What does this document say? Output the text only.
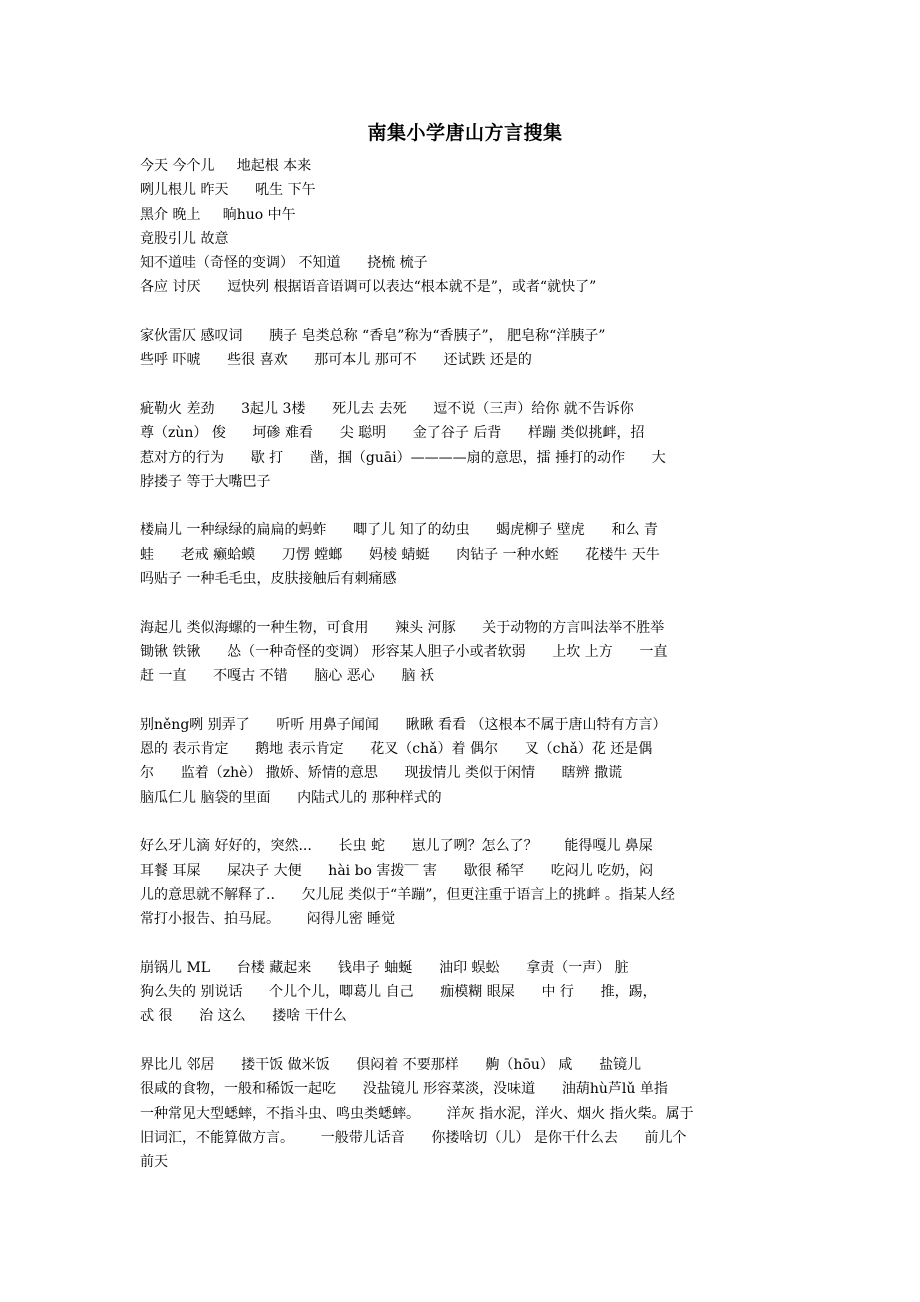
南集小学唐山方言搜集
今天 今个儿     地起根 本来
咧儿根儿 昨天      吼生 下午
黑介 晚上     晌huo 中午
竟股引儿 故意
知不道哇（奇怪的变调） 不知道      挠梳 梳子
各应 讨厌      逗快列 根据语音语调可以表达“根本就不是”，或者“就快了”
家伙雷仄 感叹词      胰子 皂类总称 “香皂”称为“香胰子”， 肥皂称“洋胰子”
些呼 吓唬      些很 喜欢      那可本儿 那可不      还试跌 还是的
疵勒火 差劲      3起儿 3楼      死儿去 去死      逗不说（三声）给你 就不告诉你
尊（zùn） 俊      坷碜 难看      尖 聪明      金了谷子 后背      样蹦 类似挑衅，招
惹对方的行为      歇 打      凿，掴（guāi）————扇的意思，擂 捶打的动作      大
脖搂子 等于大嘴巴子
楼扁儿 一种绿绿的扁扁的蚂蚱      唧了儿 知了的幼虫      蝎虎柳子 壁虎      和么 青
蛙      老戒 癞蛤蟆      刀愣 螳螂      妈棱 蜻蜓      肉钻子 一种水蛭      花楼牛 天牛
吗贴子 一种毛毛虫，皮肤接触后有刺痛感
海起儿 类似海螺的一种生物，可食用      辣头 河豚      关于动物的方言叫法举不胜举
锄锹 铁锹      怂（一种奇怪的变调） 形容某人胆子小或者软弱      上坎 上方      一直
赶 一直      不嘎古 不错      脑心 恶心      脑 袄
别něng咧 别弄了      听听 用鼻子闻闻      瞅瞅 看看 （这根本不属于唐山特有方言）
恩的 表示肯定      鹅地 表示肯定      花叉（chǎ）着 偶尔      叉（chǎ）花 还是偶
尔      监着（zhè） 撒娇、矫情的意思      现拔情儿 类似于闲情      瞎辨 撒谎
脑瓜仁儿 脑袋的里面      内陆式儿的 那种样式的
好么牙儿滴 好好的，突然...      长虫 蛇      崽儿了咧？怎么了？      能得嘎儿 鼻屎
耳餐 耳屎      屎决子 大便      hài bo 害拨‾‾ 害      歇很 稀罕      吃闷儿 吃奶，闷
儿的意思就不解释了..      欠儿屁 类似于“羊蹦”，但更注重于语言上的挑衅 。指某人经
常打小报告、拍马屁。      闷得儿密 睡觉
崩锅儿 ML      台楼 藏起来      钱串子 蚰蜒      油印 蜈蚣      拿责（一声） 脏
狗么失的 别说话      个儿个儿，唧葛儿 自己      痂模糊 眼屎      中 行      推，踢，
忒 很      治 这么      搂啥 干什么
界比儿 邻居      搂干饭 做米饭      倶闷着 不要那样      齁（hōu） 咸      盐镜儿
很咸的食物，一般和稀饭一起吃      没盐镜儿 形容菜淡，没味道      油葫hù芦lǔ 单指
一种常见大型蟋蟀，不指斗虫、鸣虫类蟋蟀。      洋灰 指水泥，洋火、烟火 指火柴。属于
旧词汇，不能算做方言。      一般带儿话音      你搂啥切（儿） 是你干什么去      前儿个
前天
